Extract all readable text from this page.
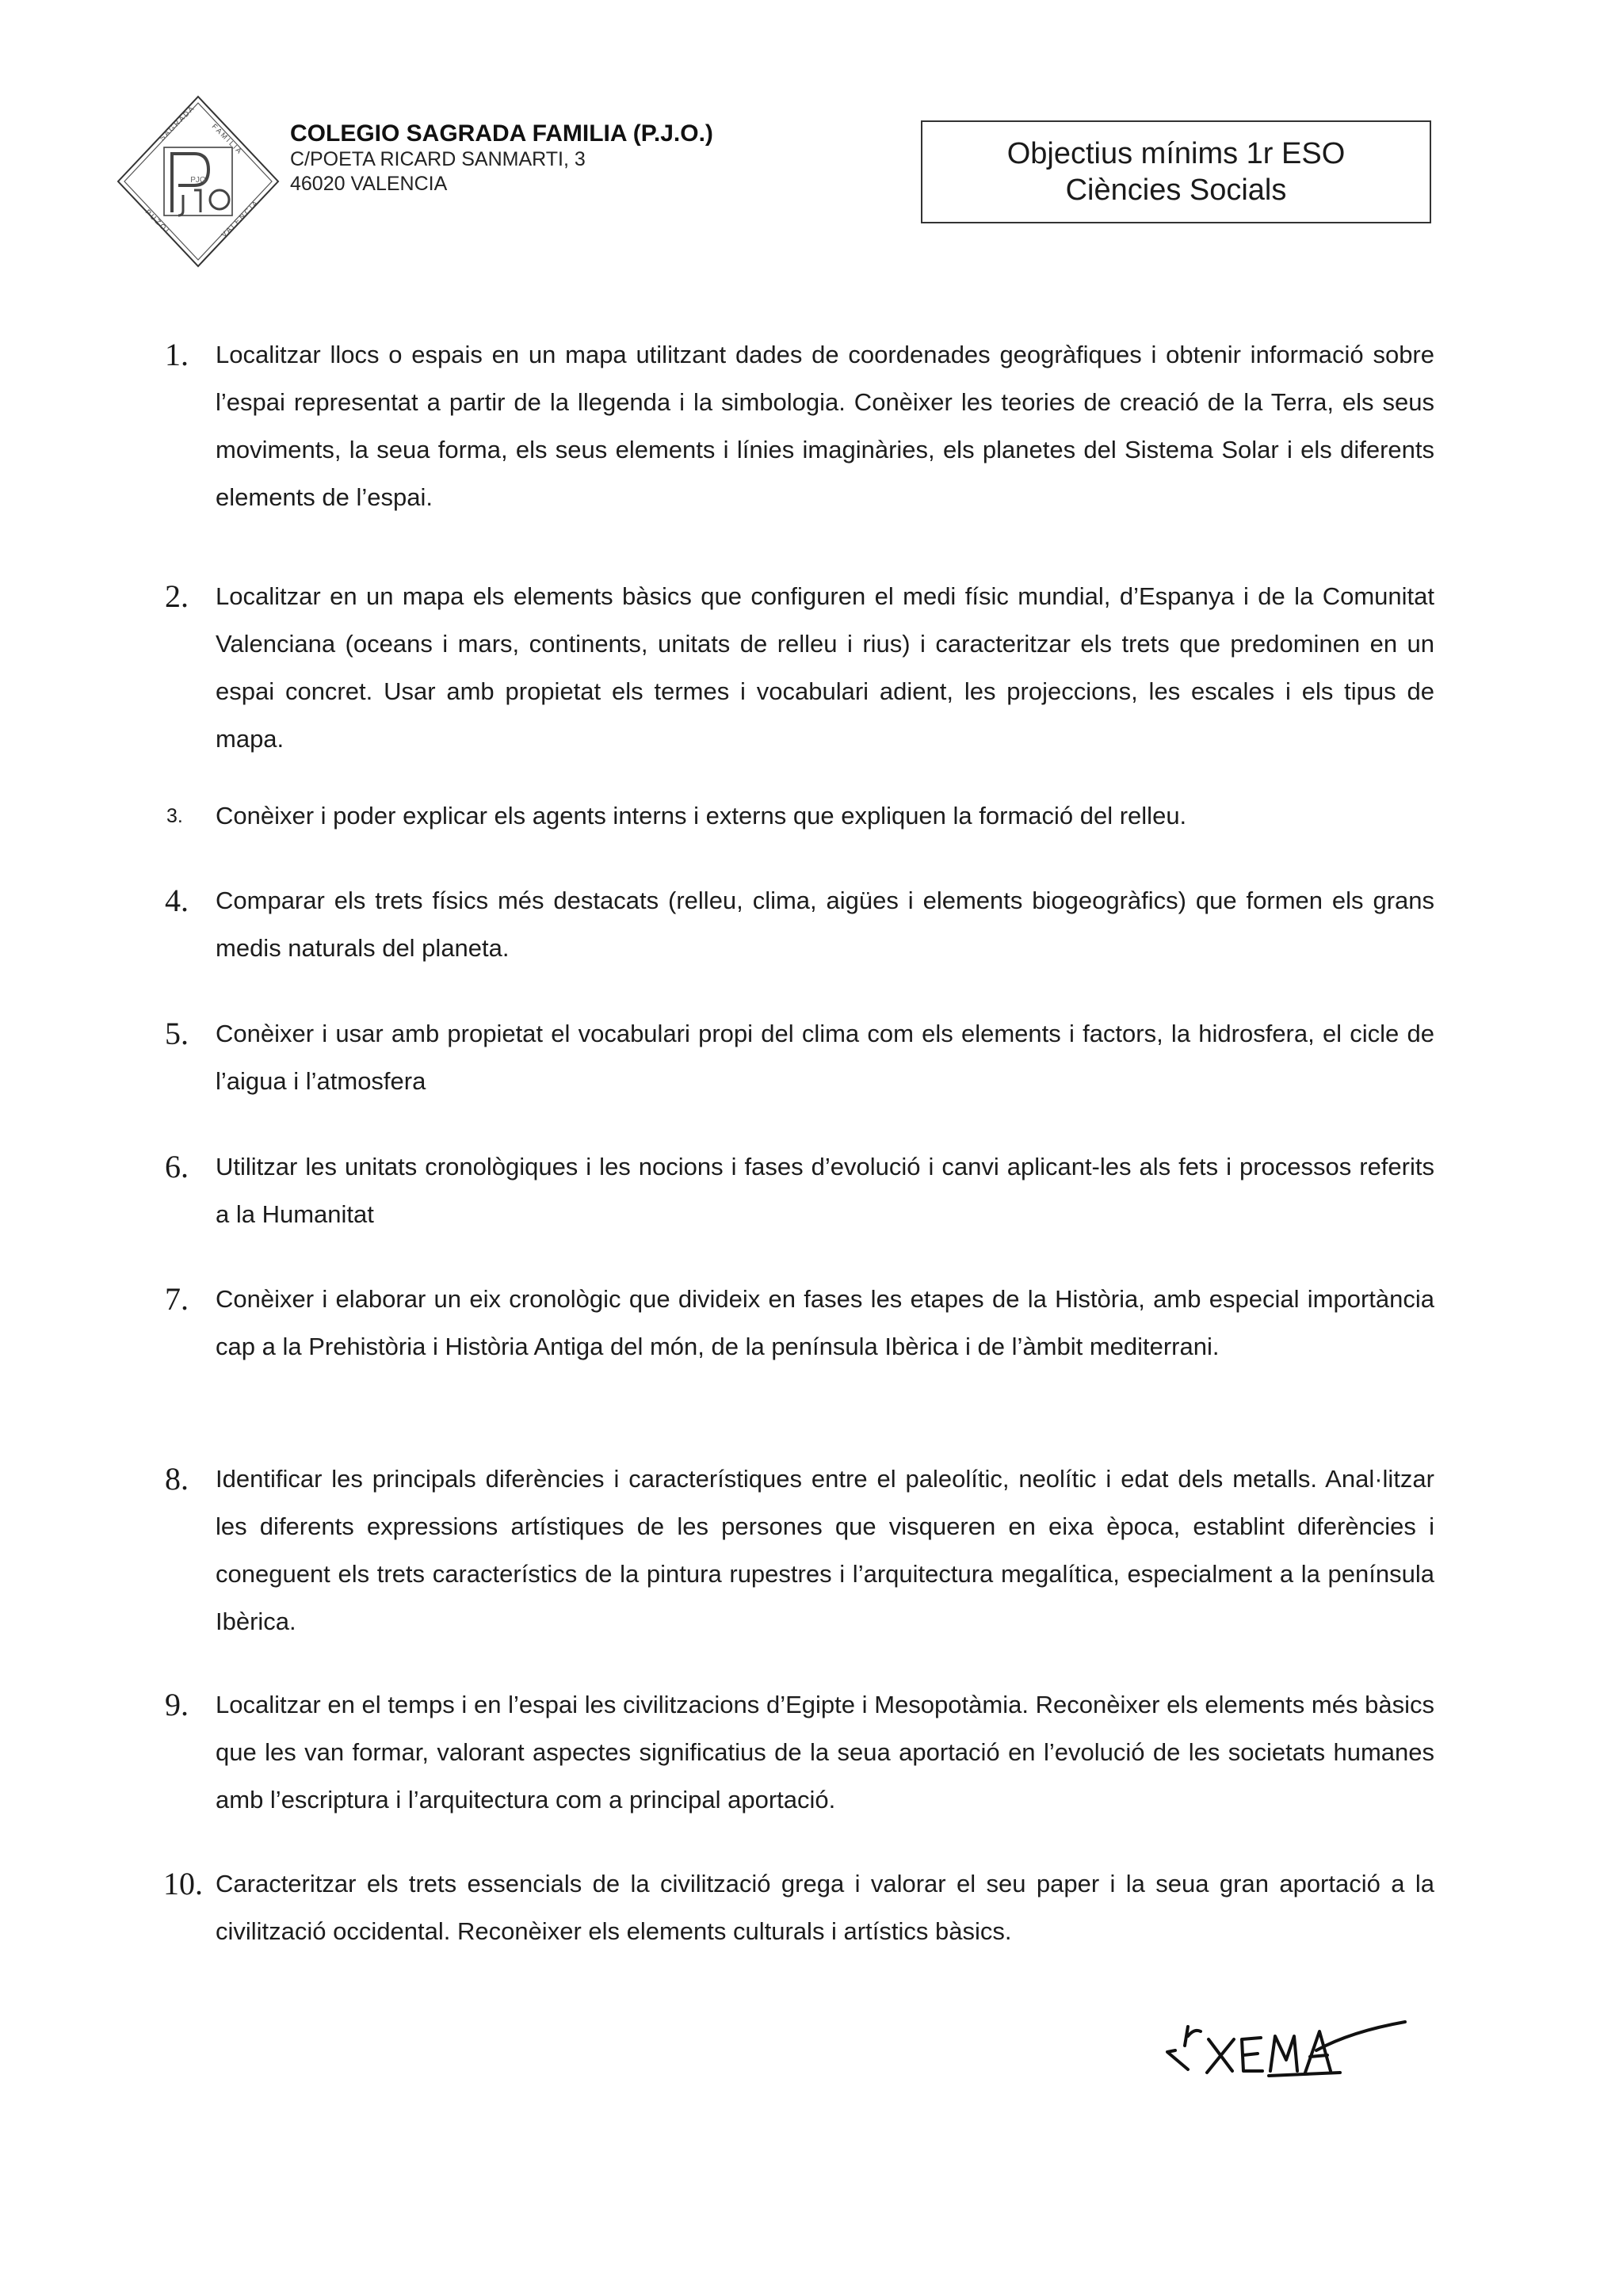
S A G R A D A F A M I L I A
P U Z O L	V A L E N C I A
PJO
COLEGIO SAGRADA FAMILIA (P.J.O.)
C/POETA RICARD SANMARTI, 3
46020 VALENCIA
Objectius mínims 1r ESO
Ciències Socials
1.	Localitzar llocs o espais en un mapa utilitzant dades de coordenades geogràfiques i obtenir informació sobre l’espai representat a partir de la llegenda i la simbologia. Conèixer les teories de creació de la Terra, els seus moviments, la seua forma, els seus elements i línies imaginàries, els planetes del Sistema Solar i els diferents elements de l’espai.
2.	Localitzar en un mapa els elements bàsics que configuren el medi físic mundial, d’Espanya i de la Comunitat Valenciana (oceans i mars, continents, unitats de relleu i rius) i caracteritzar els trets que predominen en un espai concret. Usar amb propietat els termes i vocabulari adient, les projeccions, les escales i els tipus de mapa.
3.	Conèixer i poder explicar els agents interns i externs que expliquen la formació del relleu.
4.	Comparar els trets físics més destacats (relleu, clima, aigües i elements biogeogràfics) que formen els grans medis naturals del planeta.
5.	Conèixer i usar amb propietat el vocabulari propi del clima com els elements i factors, la hidrosfera, el cicle de l’aigua i l’atmosfera
6.	Utilitzar les unitats cronològiques i les nocions i fases d’evolució i canvi aplicant-les als fets i processos referits a la Humanitat
7.	Conèixer i elaborar un eix cronològic que divideix en fases les etapes de la Història, amb especial importància cap a la Prehistòria i Història Antiga del món, de la península Ibèrica i de l’àmbit mediterrani.
8.	Identificar les principals diferències i característiques entre el paleolític, neolític i edat dels metalls. Anal·litzar les diferents expressions artístiques de les persones que visqueren en eixa època, establint diferències i coneguent els trets característics de la pintura rupestres i l’arquitectura megalítica, especialment a la península Ibèrica.
9.	Localitzar en el temps i en l’espai les civilitzacions d’Egipte i Mesopotàmia. Reconèixer els elements més bàsics que les van formar, valorant aspectes significatius de la seua aportació en l’evolució de les societats humanes amb l’escriptura i l’arquitectura com a principal aportació.
10. Caracteritzar els trets essencials de la civilització grega i valorar el seu paper i la seua gran aportació a la civilització occidental. Reconèixer els elements culturals i artístics bàsics.
